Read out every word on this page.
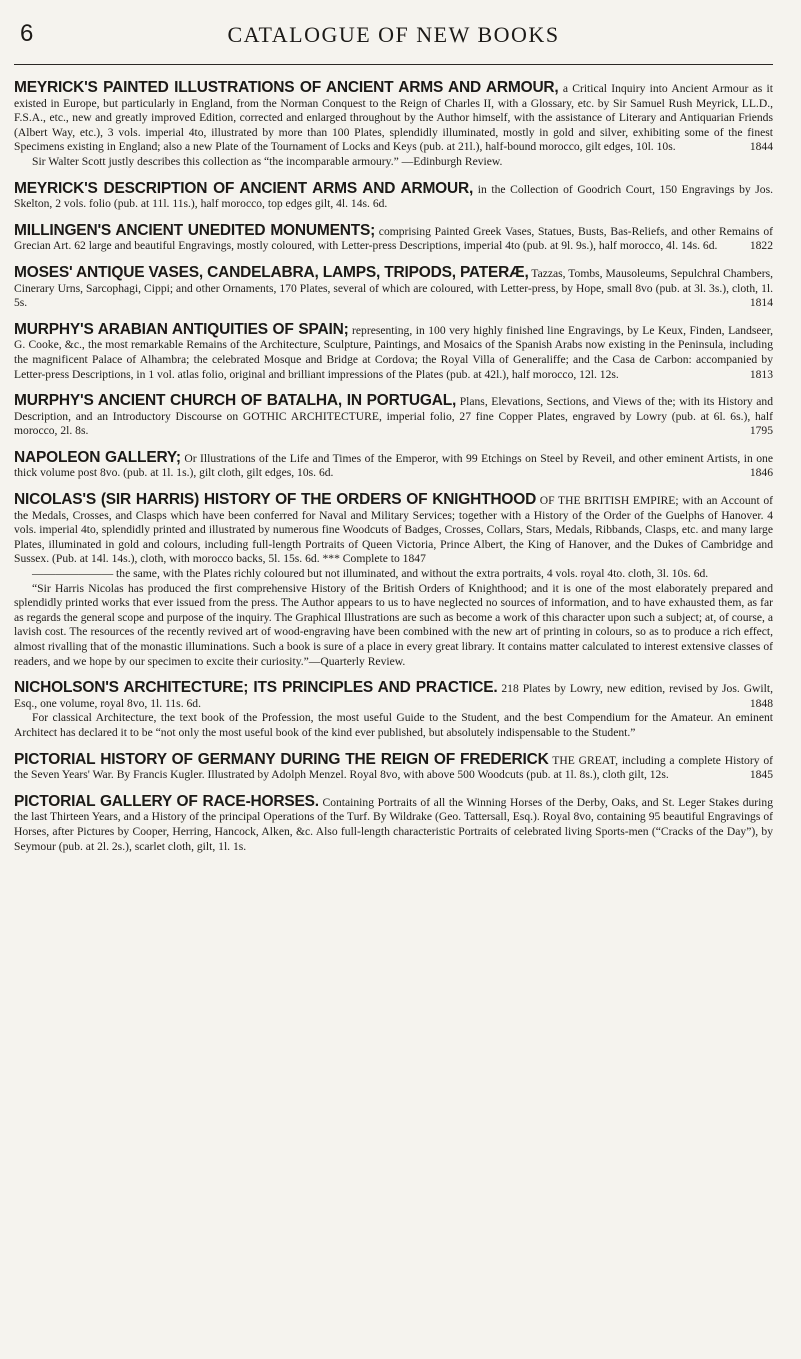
6	CATALOGUE OF NEW BOOKS

MEYRICK'S PAINTED ILLUSTRATIONS OF ANCIENT ARMS AND ARMOUR, a Critical Inquiry into Ancient Armour as it existed in Europe, but particularly in England, from the Norman Conquest to the Reign of Charles II, with a Glossary, etc. by Sir Samuel Rush Meyrick, LL.D., F.S.A., etc., new and greatly improved Edition, corrected and enlarged throughout by the Author himself, with the assistance of Literary and Antiquarian Friends (Albert Way, etc.), 3 vols. imperial 4to, illustrated by more than 100 Plates, splendidly illuminated, mostly in gold and silver, exhibiting some of the finest Specimens existing in England; also a new Plate of the Tournament of Locks and Keys (pub. at 21l.), half-bound morocco, gilt edges, 10l. 10s.	1844

Sir Walter Scott justly describes this collection as “the incomparable armoury.” —Edinburgh Review.

MEYRICK'S DESCRIPTION OF ANCIENT ARMS AND ARMOUR, in the Collection of Goodrich Court, 150 Engravings by Jos. Skelton, 2 vols. folio (pub. at 11l. 11s.), half morocco, top edges gilt, 4l. 14s. 6d.

MILLINGEN'S ANCIENT UNEDITED MONUMENTS; comprising Painted Greek Vases, Statues, Busts, Bas-Reliefs, and other Remains of Grecian Art. 62 large and beautiful Engravings, mostly coloured, with Letter-press Descriptions, imperial 4to (pub. at 9l. 9s.), half morocco, 4l. 14s. 6d.	1822

MOSES' ANTIQUE VASES, CANDELABRA, LAMPS, TRIPODS, PATERÆ, Tazzas, Tombs, Mausoleums, Sepulchral Chambers, Cinerary Urns, Sarcophagi, Cippi; and other Ornaments, 170 Plates, several of which are coloured, with Letter-press, by Hope, small 8vo (pub. at 3l. 3s.), cloth, 1l. 5s.	1814

MURPHY'S ARABIAN ANTIQUITIES OF SPAIN; representing, in 100 very highly finished line Engravings, by Le Keux, Finden, Landseer, G. Cooke, &c., the most remarkable Remains of the Architecture, Sculpture, Paintings, and Mosaics of the Spanish Arabs now existing in the Peninsula, including the magnificent Palace of Alhambra; the celebrated Mosque and Bridge at Cordova; the Royal Villa of Generaliffe; and the Casa de Carbon: accompanied by Letter-press Descriptions, in 1 vol. atlas folio, original and brilliant impressions of the Plates (pub. at 42l.), half morocco, 12l. 12s.	1813

MURPHY'S ANCIENT CHURCH OF BATALHA, IN PORTUGAL, Plans, Elevations, Sections, and Views of the; with its History and Description, and an Introductory Discourse on GOTHIC ARCHITECTURE, imperial folio, 27 fine Copper Plates, engraved by Lowry (pub. at 6l. 6s.), half morocco, 2l. 8s.	1795

NAPOLEON GALLERY; Or Illustrations of the Life and Times of the Emperor, with 99 Etchings on Steel by Reveil, and other eminent Artists, in one thick volume post 8vo. (pub. at 1l. 1s.), gilt cloth, gilt edges, 10s. 6d.	1846

NICOLAS'S (SIR HARRIS) HISTORY OF THE ORDERS OF KNIGHTHOOD OF THE BRITISH EMPIRE; with an Account of the Medals, Crosses, and Clasps which have been conferred for Naval and Military Services; together with a History of the Order of the Guelphs of Hanover. 4 vols. imperial 4to, splendidly printed and illustrated by numerous fine Woodcuts of Badges, Crosses, Collars, Stars, Medals, Ribbands, Clasps, etc. and many large Plates, illuminated in gold and colours, including full-length Portraits of Queen Victoria, Prince Albert, the King of Hanover, and the Dukes of Cambridge and Sussex. (Pub. at 14l. 14s.), cloth, with morocco backs, 5l. 15s. 6d. *** Complete to 1847

——————— the same, with the Plates richly coloured but not illuminated, and without the extra portraits, 4 vols. royal 4to. cloth, 3l. 10s. 6d.

“Sir Harris Nicolas has produced the first comprehensive History of the British Orders of Knighthood; and it is one of the most elaborately prepared and splendidly printed works that ever issued from the press. The Author appears to us to have neglected no sources of information, and to have exhausted them, as far as regards the general scope and purpose of the inquiry. The Graphical Illustrations are such as become a work of this character upon such a subject; at, of course, a lavish cost. The resources of the recently revived art of wood-engraving have been combined with the new art of printing in colours, so as to produce a rich effect, almost rivalling that of the monastic illuminations. Such a book is sure of a place in every great library. It contains matter calculated to interest extensive classes of readers, and we hope by our specimen to excite their curiosity.”—Quarterly Review.

NICHOLSON'S ARCHITECTURE; ITS PRINCIPLES AND PRACTICE. 218 Plates by Lowry, new edition, revised by Jos. Gwilt, Esq., one volume, royal 8vo, 1l. 11s. 6d.	1848

For classical Architecture, the text book of the Profession, the most useful Guide to the Student, and the best Compendium for the Amateur. An eminent Architect has declared it to be “not only the most useful book of the kind ever published, but absolutely indispensable to the Student.”

PICTORIAL HISTORY OF GERMANY DURING THE REIGN OF FREDERICK THE GREAT, including a complete History of the Seven Years' War. By Francis Kugler. Illustrated by Adolph Menzel. Royal 8vo, with above 500 Woodcuts (pub. at 1l. 8s.), cloth gilt, 12s.	1845

PICTORIAL GALLERY OF RACE-HORSES. Containing Portraits of all the Winning Horses of the Derby, Oaks, and St. Leger Stakes during the last Thirteen Years, and a History of the principal Operations of the Turf. By Wildrake (Geo. Tattersall, Esq.). Royal 8vo, containing 95 beautiful Engravings of Horses, after Pictures by Cooper, Herring, Hancock, Alken, &c. Also full-length characteristic Portraits of celebrated living Sports-men (“Cracks of the Day”), by Seymour (pub. at 2l. 2s.), scarlet cloth, gilt, 1l. 1s.
